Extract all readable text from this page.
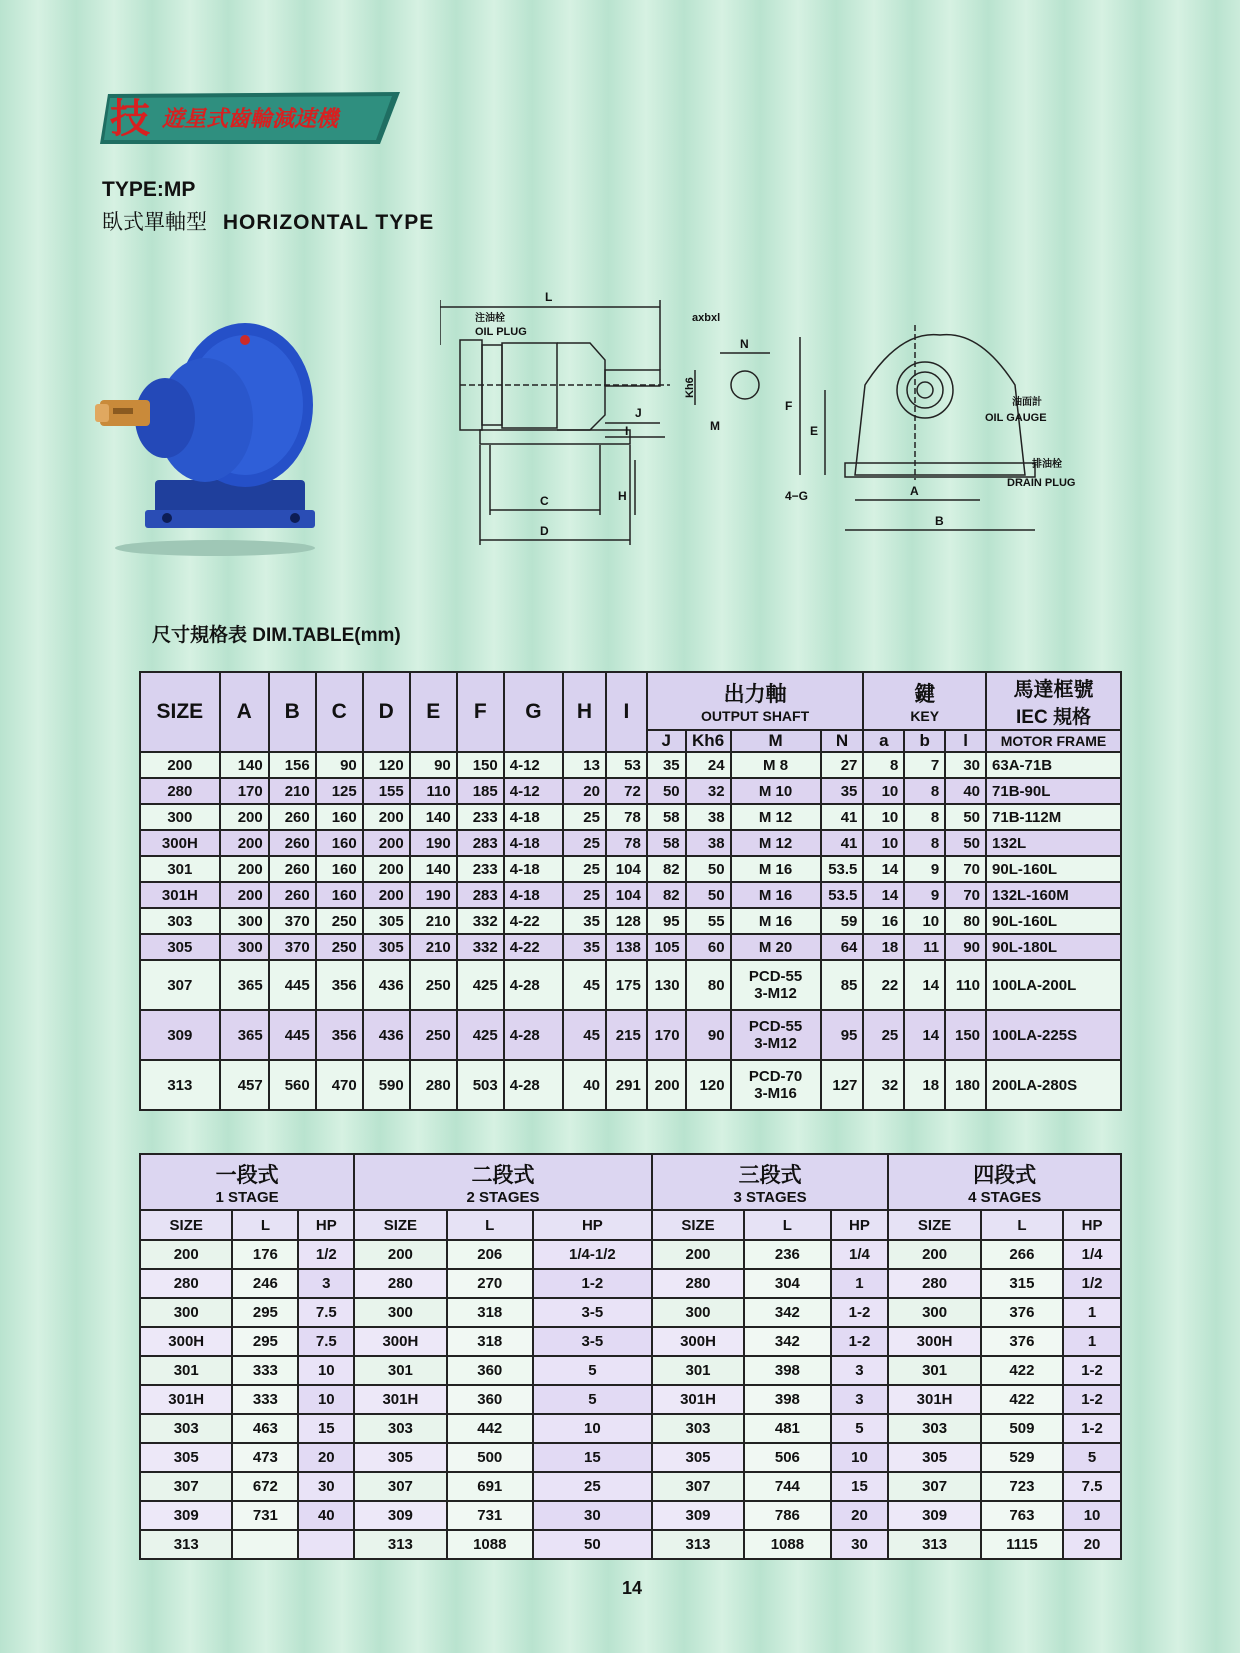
技 遊星式齒輪減速機
TYPE:MP
臥式單軸型 HORIZONTAL TYPE
L
注油栓
OIL PLUG
axbxl
N
Kh6
J
I	M
H
C
D
F
E
4−G	A
B
油面計
OIL GAUGE
排油栓
DRAIN PLUG
尺寸規格表 DIM.TABLE(mm)
SIZE	A	B	C	D	E	F	G	H	I	出力軸
OUTPUT SHAFT				鍵
KEY			馬達框號
IEC 規格

										J	Kh6	M	N	a	b	l	MOTOR FRAME
200	140	156	90	120	90	150	4-12	13	53	35	24	M 8	27	8	7	30	63A-71B
280	170	210	125	155	110	185	4-12	20	72	50	32	M 10	35	10	8	40	71B-90L
300	200	260	160	200	140	233	4-18	25	78	58	38	M 12	41	10	8	50	71B-112M
300H	200	260	160	200	190	283	4-18	25	78	58	38	M 12	41	10	8	50	132L
301	200	260	160	200	140	233	4-18	25	104	82	50	M 16	53.5	14	9	70	90L-160L
301H	200	260	160	200	190	283	4-18	25	104	82	50	M 16	53.5	14	9	70	132L-160M
303	300	370	250	305	210	332	4-22	35	128	95	55	M 16	59	16	10	80	90L-160L
305	300	370	250	305	210	332	4-22	35	138	105	60	M 20	64	18	11	90	90L-180L
307	365	445	356	436	250	425	4-28	45	175	130	80	PCD-55
3-M12	85	22	14	110	100LA-200L
309	365	445	356	436	250	425	4-28	45	215	170	90	PCD-55
3-M12	95	25	14	150	100LA-225S
313	457	560	470	590	280	503	4-28	40	291	200	120	PCD-70
3-M16	127	32	18	180	200LA-280S
一段式
1 STAGE			二段式
2 STAGES			三段式
3 STAGES			四段式
4 STAGES		

SIZE	L	HP	SIZE	L	HP	SIZE	L	HP	SIZE	L	HP
200	176	1/2	200	206	1/4-1/2	200	236	1/4	200	266	1/4
280	246	3	280	270	1-2	280	304	1	280	315	1/2
300	295	7.5	300	318	3-5	300	342	1-2	300	376	1
300H	295	7.5	300H	318	3-5	300H	342	1-2	300H	376	1
301	333	10	301	360	5	301	398	3	301	422	1-2
301H	333	10	301H	360	5	301H	398	3	301H	422	1-2
303	463	15	303	442	10	303	481	5	303	509	1-2
305	473	20	305	500	15	305	506	10	305	529	5
307	672	30	307	691	25	307	744	15	307	723	7.5
309	731	40	309	731	30	309	786	20	309	763	10
313			313	1088	50	313	1088	30	313	1115	20
14
